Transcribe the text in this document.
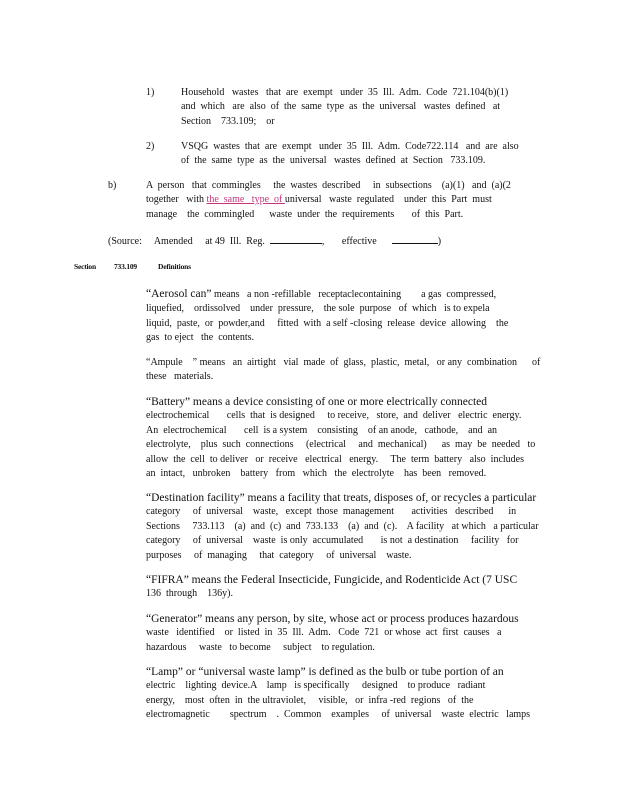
1)	Household   wastes   that  are  exempt   under  35  Ill.  Adm.  Code  721.104(b)(1)
and  which   are  also  of  the  same  type  as  the  universal   wastes  defined   at
Section    733.109;    or
2)	VSQG  wastes  that  are  exempt   under  35  Ill.  Adm.  Code722.114   and  are  also
of  the  same  type  as  the  universal   wastes  defined  at  Section   733.109.
b)	A  person   that  commingles     the  wastes  described     in  subsections    (a)(1)   and  (a)(2
together   with the  same   type  of universal   waste  regulated    under  this  Part  must
manage    the  commingled      waste  under  the  requirements       of  this  Part.
(Source:     Amended     at 49  Ill.  Reg.	,       effective	)
Section 733.109	Definitions
“Aerosol can” means   a non -refillable   receptaclecontaining        a gas  compressed,
liquefied,    ordissolved    under  pressure,    the sole  purpose   of  which   is to expela
liquid,  paste,  or  powder,and     fitted  with  a self -closing  release  device  allowing    the
gas  to eject   the  contents.
“Ampule    ” means   an  airtight   vial  made  of  glass,  plastic,  metal,   or any  combination      of
these   materials.
“Battery” means a device consisting of one or more electrically connected
electrochemical       cells  that  is designed     to receive,   store,  and  deliver   electric  energy.
An  electrochemical       cell  is a system    consisting    of an anode,   cathode,    and  an
electrolyte,    plus  such  connections     (electrical     and  mechanical)      as  may  be  needed   to
allow  the  cell  to deliver   or  receive   electrical   energy.     The  term  battery   also  includes
an  intact,   unbroken    battery   from   which   the  electrolyte    has  been   removed.
“Destination facility” means a facility that treats, disposes of, or recycles a particular
category     of  universal    waste,   except  those  management       activities   described      in
Sections     733.113    (a)  and  (c)  and  733.133    (a)  and  (c).    A facility   at which   a particular
category     of  universal    waste  is only  accumulated       is not  a destination     facility   for
purposes     of  managing     that  category     of  universal    waste.
“FIFRA” means the Federal Insecticide, Fungicide, and Rodenticide Act (7 USC
136  through    136y).
“Generator” means any person, by site, whose act or process produces hazardous
waste   identified    or  listed  in  35  Ill.  Adm.   Code  721  or whose  act  first  causes   a
hazardous     waste   to become     subject    to regulation.
“Lamp” or “universal waste lamp” is defined as the bulb or tube portion of an
electric    lighting  device.A    lamp   is specifically     designed    to produce   radiant
energy,    most  often  in  the ultraviolet,     visible,   or  infra -red  regions   of  the
electromagnetic        spectrum    .  Common    examples     of  universal    waste  electric   lamps
